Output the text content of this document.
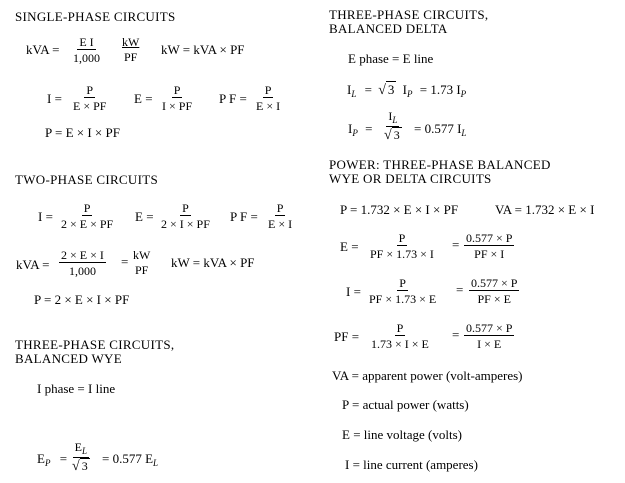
SINGLE-PHASE CIRCUITS
kVA = $\frac{\text{E I}}{1,000} \frac{kW}{PF}$ kW = kVA × PF
$I = \frac{P}{E \times PF}$ $E = \frac{P}{I \times PF}$ P $F = \frac{P}{E \times I}$
P = E × I × PF
TWO-PHASE CIRCUITS
$I = \frac{P}{2 \times E \times PF}$ $E = \frac{P}{2 \times I \times PF}$ P $F = \frac{P}{E \times I}$
kVA = $\frac{2 \times E \times I}{1,000}$ = kW
PF kW = kVA × PF
P = 2 × E × I × PF
THREE-PHASE CIRCUITS,
BALANCED WYE
I phase = I line
$E_P = \frac{E_L}{√ 3} = 0.577$ $E_L$
THREE-PHASE CIRCUITS,
BALANCED DELTA
E phase = E line
$I_L$ = √ 3 $I_P = 1.73$ $I_P$
$I_P = \frac{I_L}{√ 3} = 0.577$ $I_L$
POWER: THREE-PHASE BALANCED
WYE OR DELTA CIRCUITS
P = 1.732 × E × I × PF	VA = 1.732 × E × I
$E = \frac{P}{PF \times 1.73 \times I} = \frac{0.577 \times P}{PF \times I}$
$I = \frac{P}{PF \times 1.73 \times E} = \frac{0.577 \times P}{PF \times E}$
PF = $\frac{P}{1.73 \times I \times E} = \frac{0.577 \times P}{I \times E}$
VA = apparent power (volt-amperes)
P = actual power (watts)
E = line voltage (volts)
I = line current (amperes)
